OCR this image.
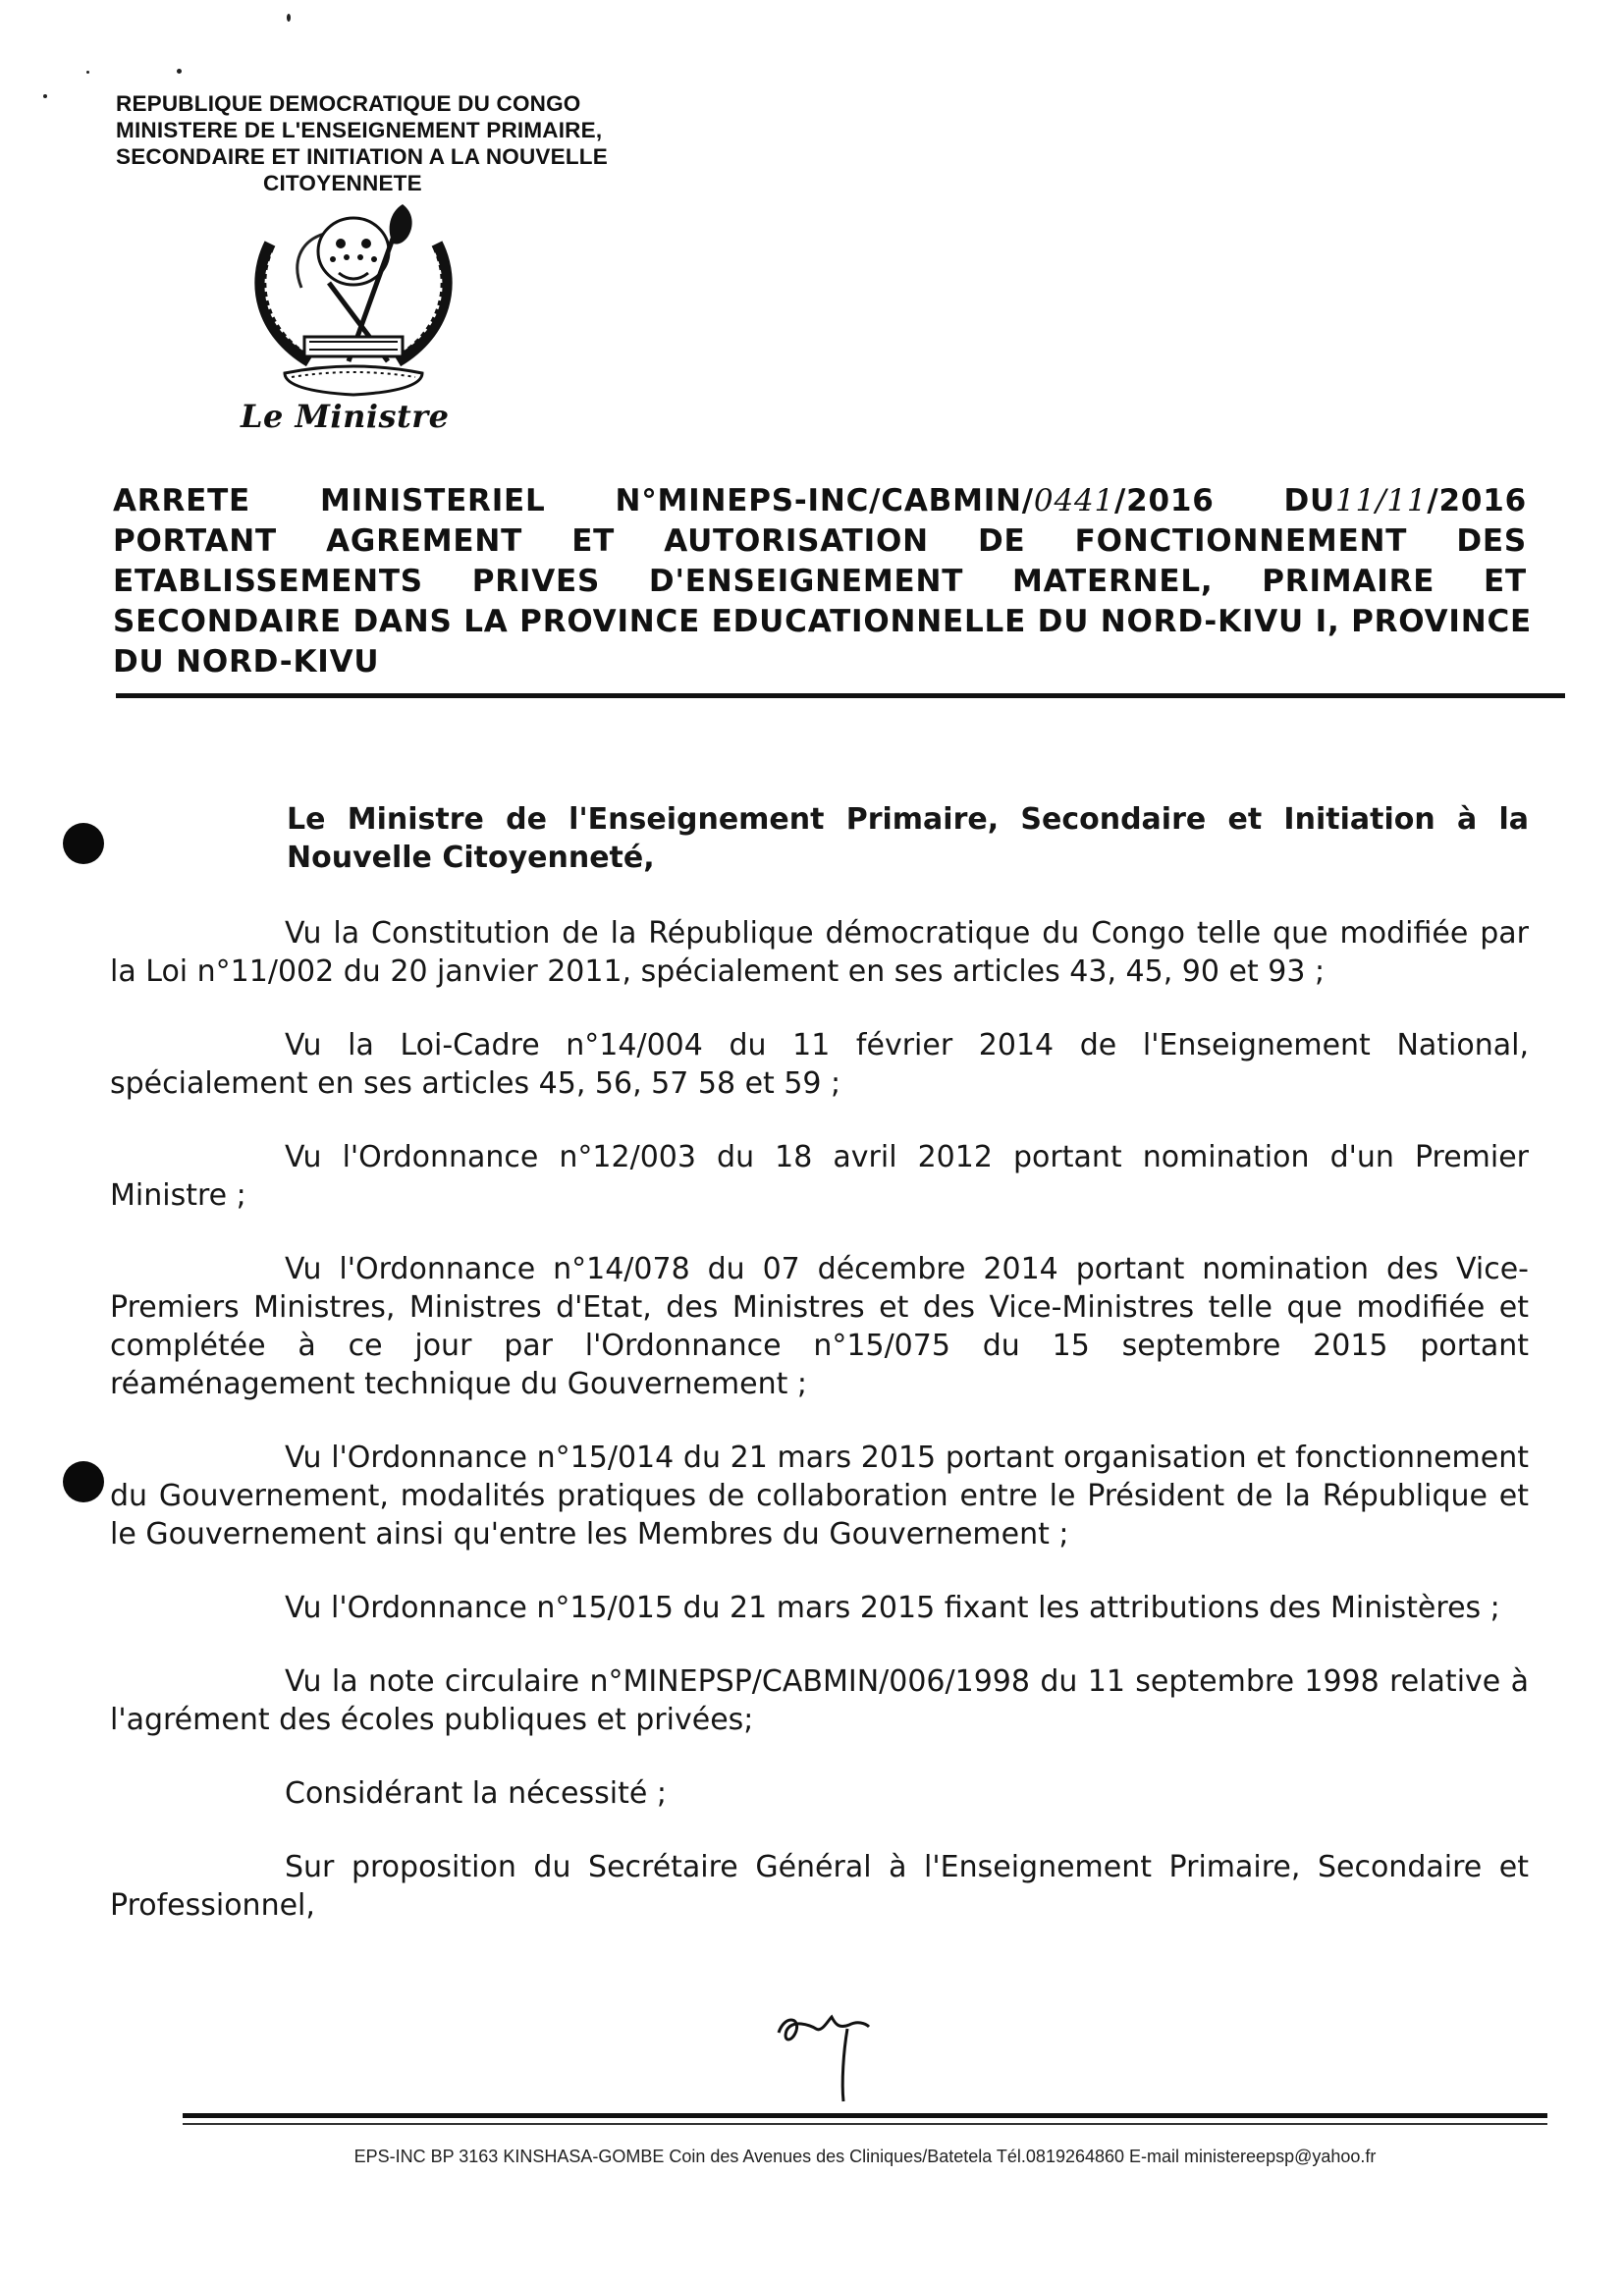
REPUBLIQUE DEMOCRATIQUE DU CONGO
MINISTERE DE L'ENSEIGNEMENT PRIMAIRE,
SECONDAIRE ET INITIATION A LA NOUVELLE
CITOYENNETE
Le Ministre
ARRETE MINISTERIEL N°MINEPS-INC/CABMIN/0441/2016 DU11/11/2016
PORTANT AGREMENT ET AUTORISATION DE FONCTIONNEMENT DES
ETABLISSEMENTS PRIVES D'ENSEIGNEMENT MATERNEL, PRIMAIRE ET
SECONDAIRE DANS LA PROVINCE EDUCATIONNELLE DU NORD-KIVU I, PROVINCE
DU NORD-KIVU
Le Ministre de l'Enseignement Primaire, Secondaire et Initiation à la Nouvelle Citoyenneté,
Vu la Constitution de la République démocratique du Congo telle que modifiée par la Loi n°11/002 du 20 janvier 2011, spécialement en ses articles 43, 45, 90 et 93 ;
Vu la Loi-Cadre n°14/004 du 11 février 2014 de l'Enseignement National, spécialement en ses articles 45, 56, 57 58 et 59 ;
Vu l'Ordonnance n°12/003 du 18 avril 2012 portant nomination d'un Premier Ministre ;
Vu l'Ordonnance n°14/078 du 07 décembre 2014 portant nomination des Vice-Premiers Ministres, Ministres d'Etat, des Ministres et des Vice-Ministres telle que modifiée et complétée à ce jour par l'Ordonnance n°15/075 du 15 septembre 2015 portant réaménagement technique du Gouvernement ;
Vu l'Ordonnance n°15/014 du 21 mars 2015 portant organisation et fonctionnement du Gouvernement, modalités pratiques de collaboration entre le Président de la République et le Gouvernement ainsi qu'entre les Membres du Gouvernement ;
Vu l'Ordonnance n°15/015 du 21 mars 2015 fixant les attributions des Ministères ;
Vu la note circulaire n°MINEPSP/CABMIN/006/1998 du 11 septembre 1998 relative à l'agrément des écoles publiques et privées;
Considérant la nécessité ;
Sur proposition du Secrétaire Général à l'Enseignement Primaire, Secondaire et Professionnel,
EPS-INC BP 3163 KINSHASA-GOMBE Coin des Avenues des Cliniques/Batetela Tél.0819264860 E-mail ministereepsp@yahoo.fr
